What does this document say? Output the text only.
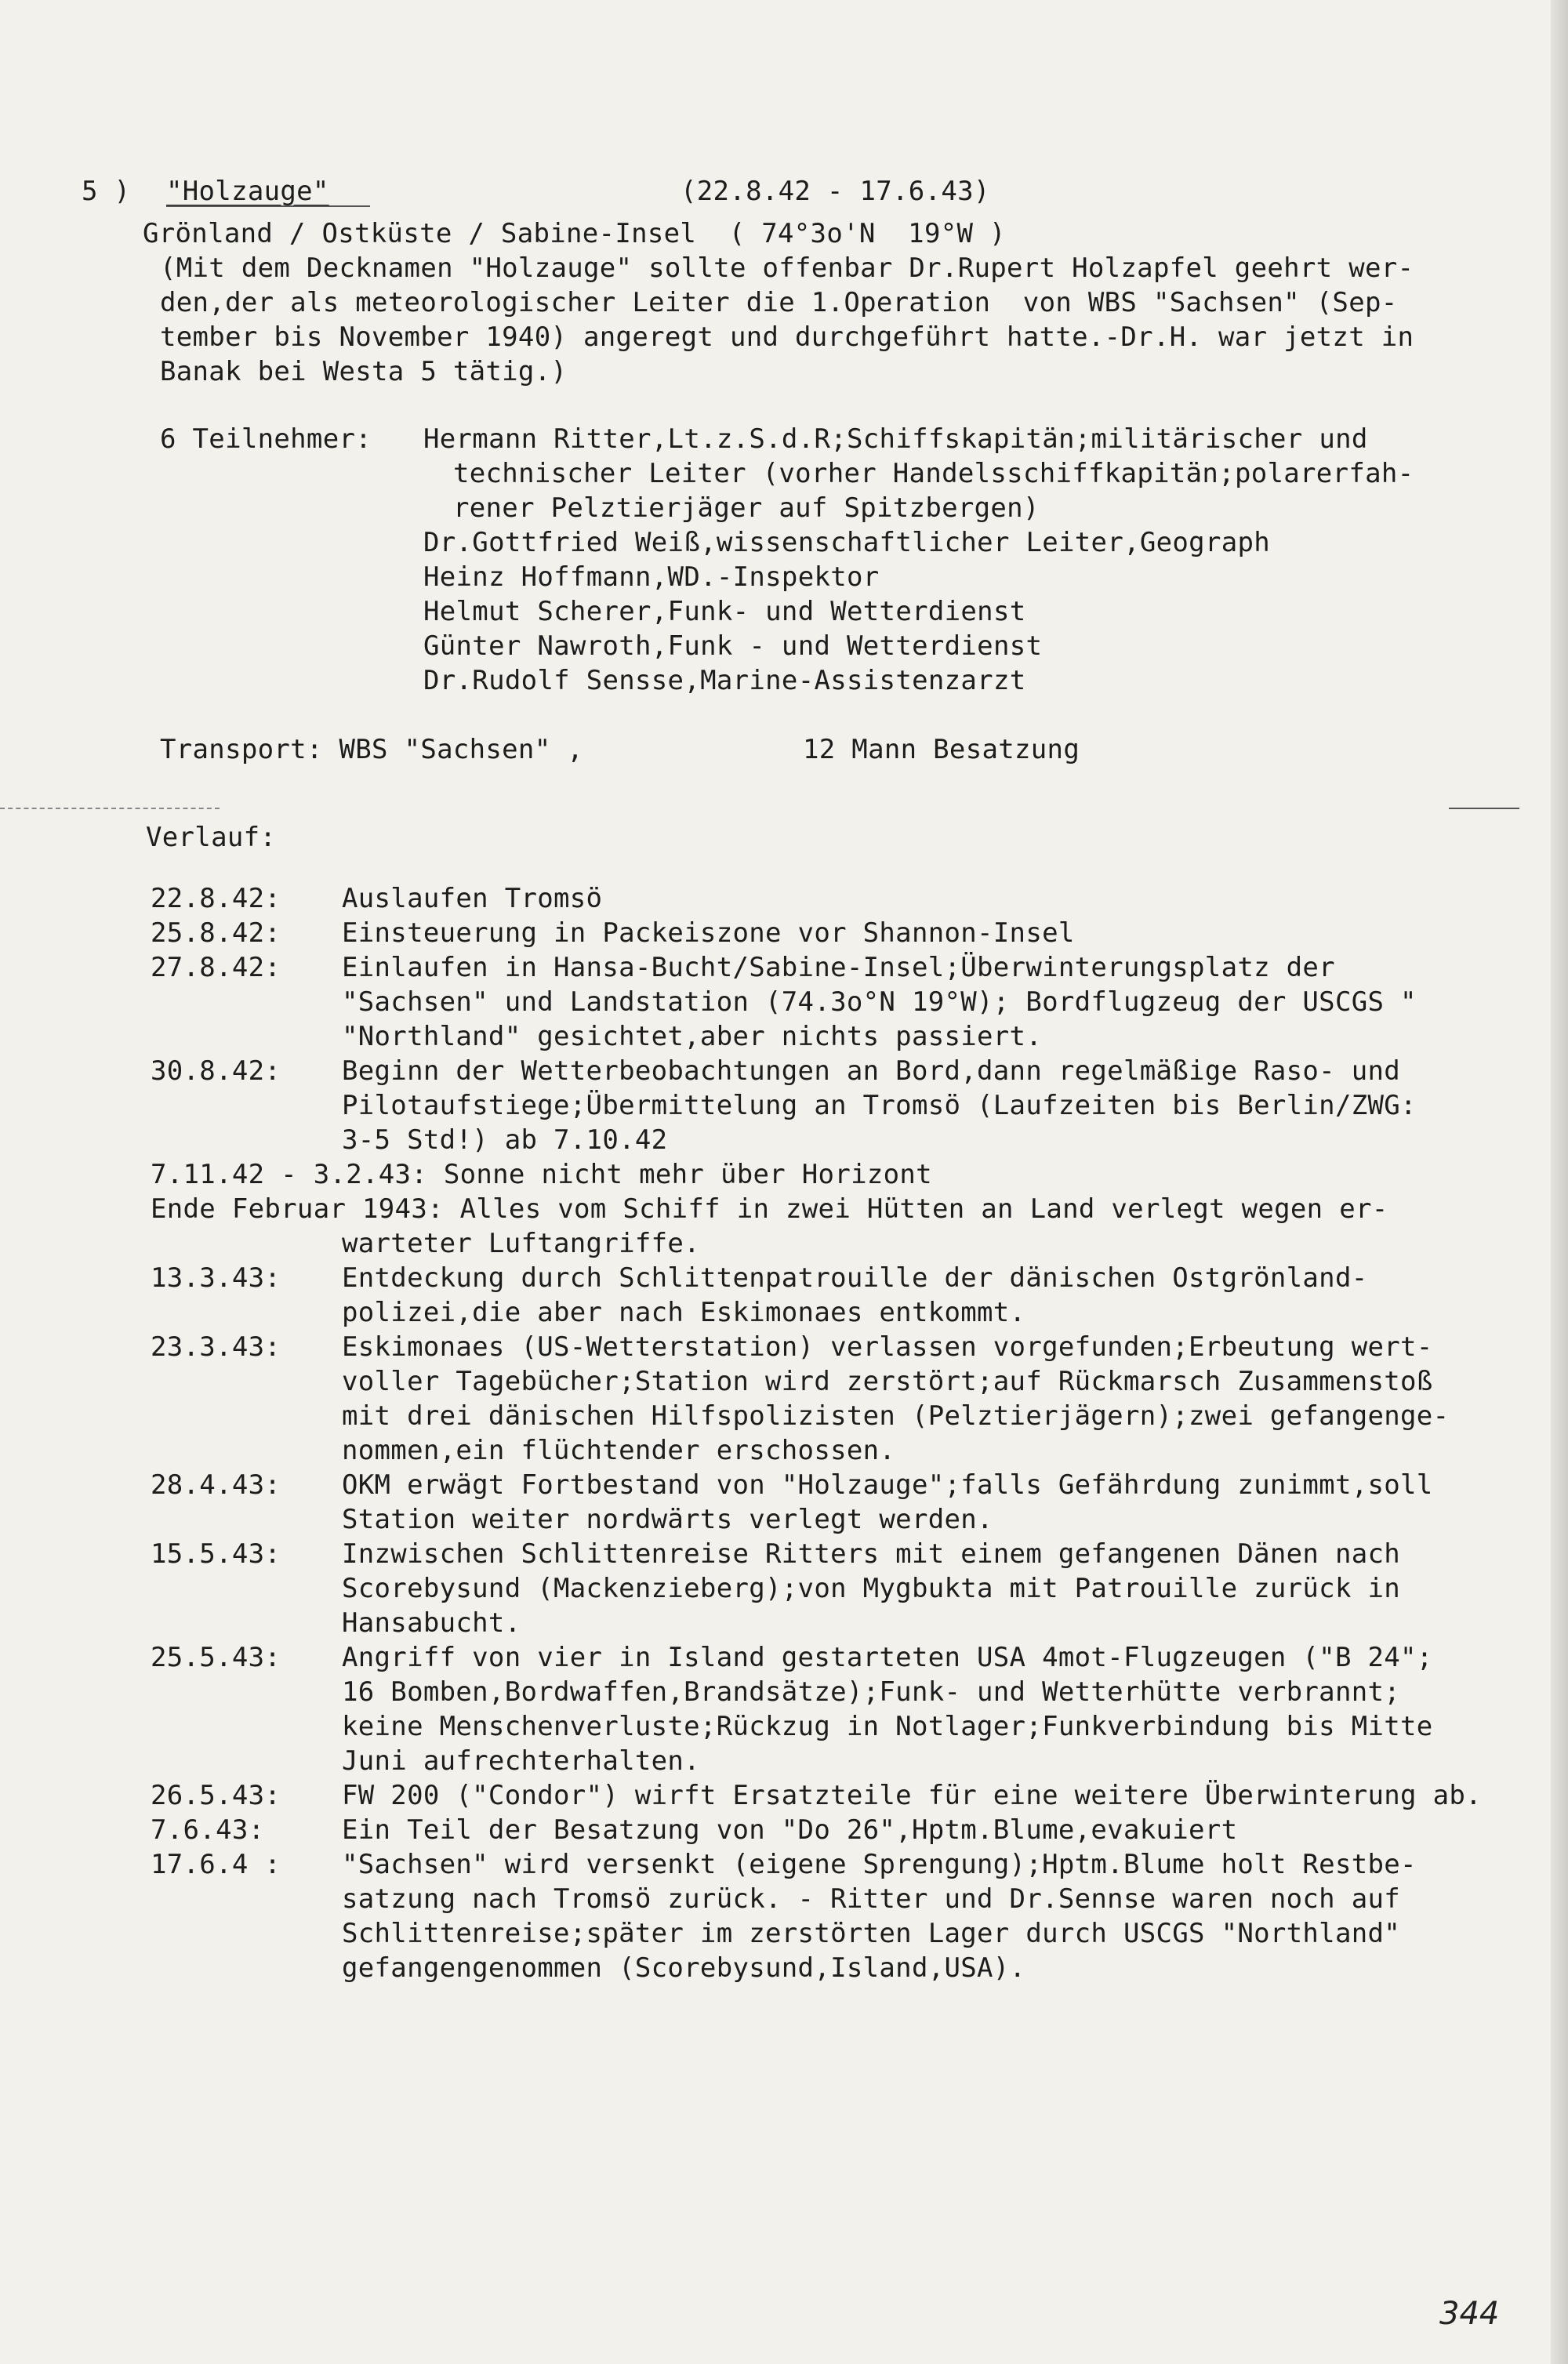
5 ) "Holzauge"	(22.8.42 - 17.6.43)
Grönland / Ostküste / Sabine-Insel  ( 74°3o'N  19°W )
(Mit dem Decknamen "Holzauge" sollte offenbar Dr.Rupert Holzapfel geehrt wer-
den,der als meteorologischer Leiter die 1.Operation  von WBS "Sachsen" (Sep-
tember bis November 1940) angeregt und durchgeführt hatte.-Dr.H. war jetzt in
Banak bei Westa 5 tätig.)
6 Teilnehmer: Hermann Ritter,Lt.z.S.d.R;Schiffskapitän;militärischer und
technischer Leiter (vorher Handelsschiffkapitän;polarerfah-
rener Pelztierjäger auf Spitzbergen)
Dr.Gottfried Weiß,wissenschaftlicher Leiter,Geograph
Heinz Hoffmann,WD.-Inspektor
Helmut Scherer,Funk- und Wetterdienst
Günter Nawroth,Funk - und Wetterdienst
Dr.Rudolf Sensse,Marine-Assistenzarzt
Transport: WBS "Sachsen" ,	12 Mann Besatzung
Verlauf:
22.8.42: Auslaufen Tromsö
25.8.42: Einsteuerung in Packeiszone vor Shannon-Insel
27.8.42: Einlaufen in Hansa-Bucht/Sabine-Insel;Überwinterungsplatz der
"Sachsen" und Landstation (74.3o°N 19°W); Bordflugzeug der USCGS "
"Northland" gesichtet,aber nichts passiert.
30.8.42: Beginn der Wetterbeobachtungen an Bord,dann regelmäßige Raso- und
Pilotaufstiege;Übermittelung an Tromsö (Laufzeiten bis Berlin/ZWG:
3-5 Std!) ab 7.10.42
7.11.42 - 3.2.43: Sonne nicht mehr über Horizont
Ende Februar 1943: Alles vom Schiff in zwei Hütten an Land verlegt wegen er-
warteter Luftangriffe.
13.3.43: Entdeckung durch Schlittenpatrouille der dänischen Ostgrönland-
polizei,die aber nach Eskimonaes entkommt.
23.3.43: Eskimonaes (US-Wetterstation) verlassen vorgefunden;Erbeutung wert-
voller Tagebücher;Station wird zerstört;auf Rückmarsch Zusammenstoß
mit drei dänischen Hilfspolizisten (Pelztierjägern);zwei gefangenge-
nommen,ein flüchtender erschossen.
28.4.43: OKM erwägt Fortbestand von "Holzauge";falls Gefährdung zunimmt,soll
Station weiter nordwärts verlegt werden.
15.5.43: Inzwischen Schlittenreise Ritters mit einem gefangenen Dänen nach
Scorebysund (Mackenzieberg);von Mygbukta mit Patrouille zurück in
Hansabucht.
25.5.43: Angriff von vier in Island gestarteten USA 4mot-Flugzeugen ("B 24";
16 Bomben,Bordwaffen,Brandsätze);Funk- und Wetterhütte verbrannt;
keine Menschenverluste;Rückzug in Notlager;Funkverbindung bis Mitte
Juni aufrechterhalten.
26.5.43: FW 200 ("Condor") wirft Ersatzteile für eine weitere Überwinterung ab.
7.6.43:	Ein Teil der Besatzung von "Do 26",Hptm.Blume,evakuiert
17.6.4 : "Sachsen" wird versenkt (eigene Sprengung);Hptm.Blume holt Restbe-
satzung nach Tromsö zurück. - Ritter und Dr.Sennse waren noch auf
Schlittenreise;später im zerstörten Lager durch USCGS "Northland"
gefangengenommen (Scorebysund,Island,USA).
344
